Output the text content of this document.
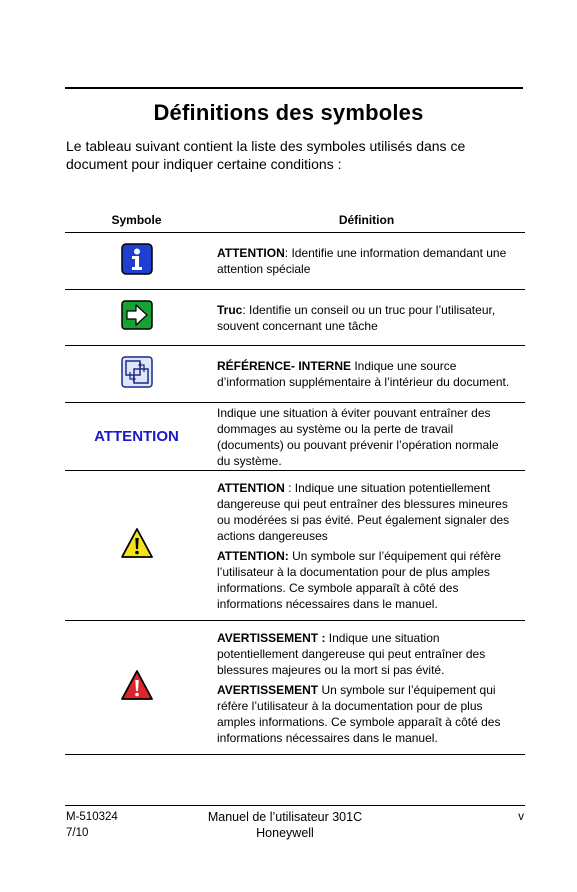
Définitions des symboles
Le tableau suivant contient la liste des symboles utilisés dans ce document pour indiquer certaine conditions :
Symbole	Définition

ATTENTION: Identifie une information demandant une attention spéciale

Truc: Identifie un conseil ou un truc pour l’utilisateur, souvent concernant une tâche

RÉFÉRENCE- INTERNE Indique une source d’information supplémentaire à l’intérieur du document.

ATTENTION

Indique une situation à éviter pouvant entraîner des dommages au système ou la perte de travail (documents) ou pouvant prévenir l’opération normale du système.

ATTENTION : Indique une situation potentiellement dangereuse qui peut entraîner des blessures mineures ou modérées si pas évité. Peut également signaler des actions dangereuses

ATTENTION: Un symbole sur l’équipement qui réfère l’utilisateur à la documentation pour de plus amples informations. Ce symbole apparaît à côté des informations nécessaires dans le manuel.

AVERTISSEMENT : Indique une situation potentiellement dangereuse qui peut entraîner des blessures majeures ou la mort si pas évité.

AVERTISSEMENT Un symbole sur l’équipement qui réfère l’utilisateur à la documentation pour de plus amples informations. Ce symbole apparaît à côté des informations nécessaires dans le manuel.

M-510324
7/10
Manuel de l’utilisateur 301C
Honeywell
v
